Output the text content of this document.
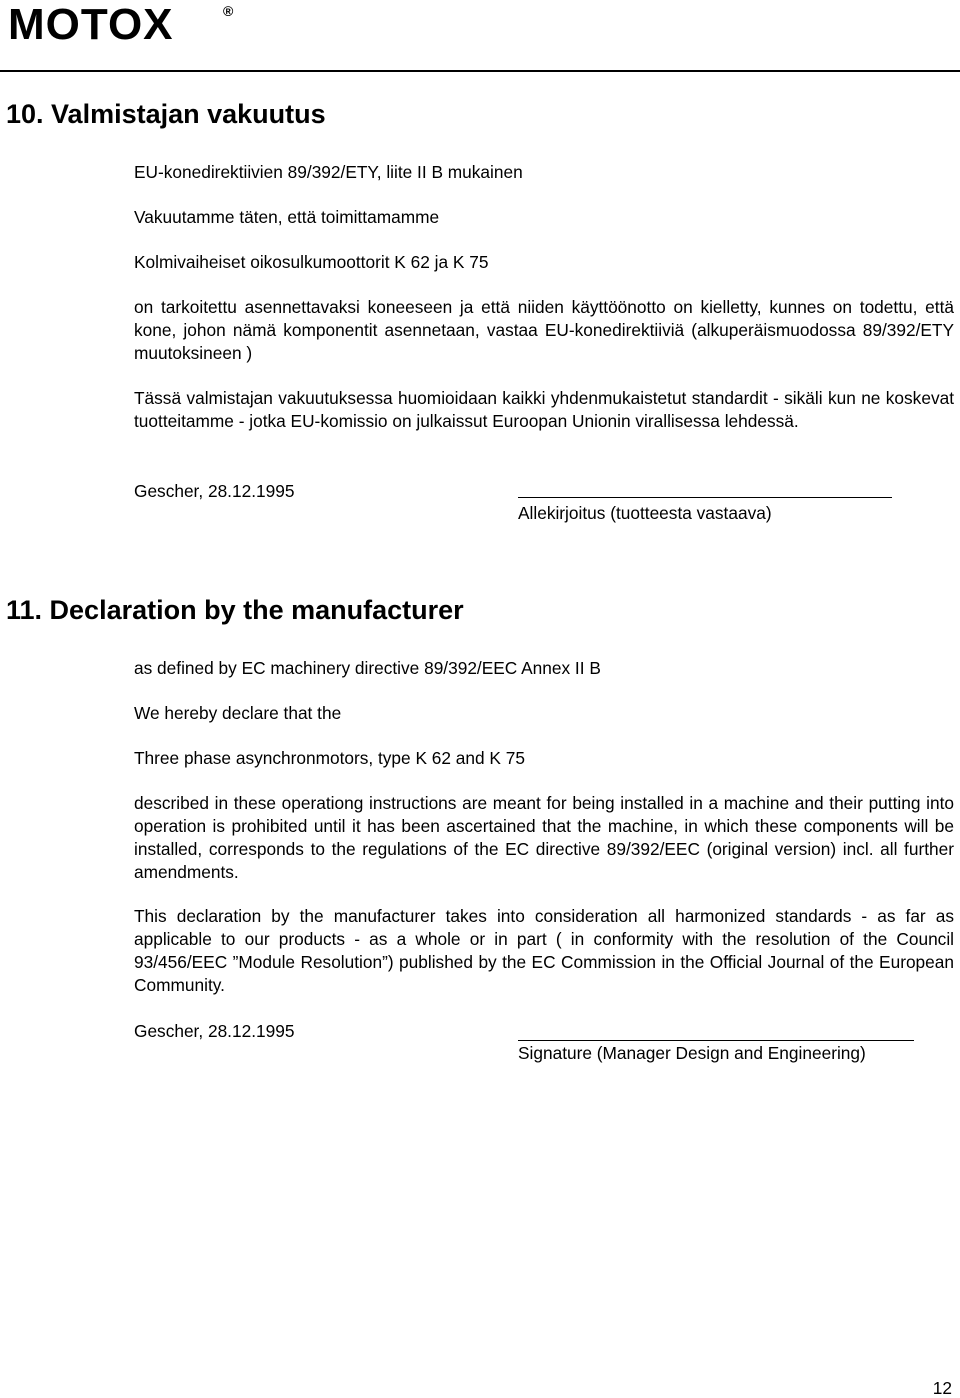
MOTOX	®
10. Valmistajan vakuutus

EU-konedirektiivien 89/392/ETY, liite II B mukainen

Vakuutamme täten, että toimittamamme

Kolmivaiheiset oikosulkumoottorit K 62 ja K 75

on tarkoitettu asennettavaksi koneeseen ja että niiden käyttöönotto on kielletty, kunnes on todettu, että kone, johon nämä komponentit asennetaan, vastaa EU-konedirektiiviä (alkuperäismuodossa 89/392/ETY muutoksineen )

Tässä valmistajan vakuutuksessa huomioidaan kaikki yhdenmukaistetut standardit - sikäli kun ne koskevat tuotteitamme - jotka EU-komissio on julkaissut Euroopan Unionin virallisessa lehdessä.

Gescher, 28.12.1995
Allekirjoitus (tuotteesta vastaava)
11. Declaration by the manufacturer

as defined by EC machinery directive 89/392/EEC Annex II B

We hereby declare that the

Three phase asynchronmotors, type K 62 and K 75

described in these operationg instructions are meant for being installed in a machine and their putting into operation is prohibited until it has been ascertained that the machine, in which these components will be installed, corresponds to the regulations of the EC directive 89/392/EEC (original version) incl. all further amendments.

This declaration by the manufacturer takes into consideration all harmonized standards - as far as applicable to our products - as a whole or in part ( in conformity with the resolution of the Council 93/456/EEC ”Module Resolution”) published by the EC Commission in the Official Journal of the European Community.

Gescher, 28.12.1995
Signature (Manager Design and Engineering)
12
